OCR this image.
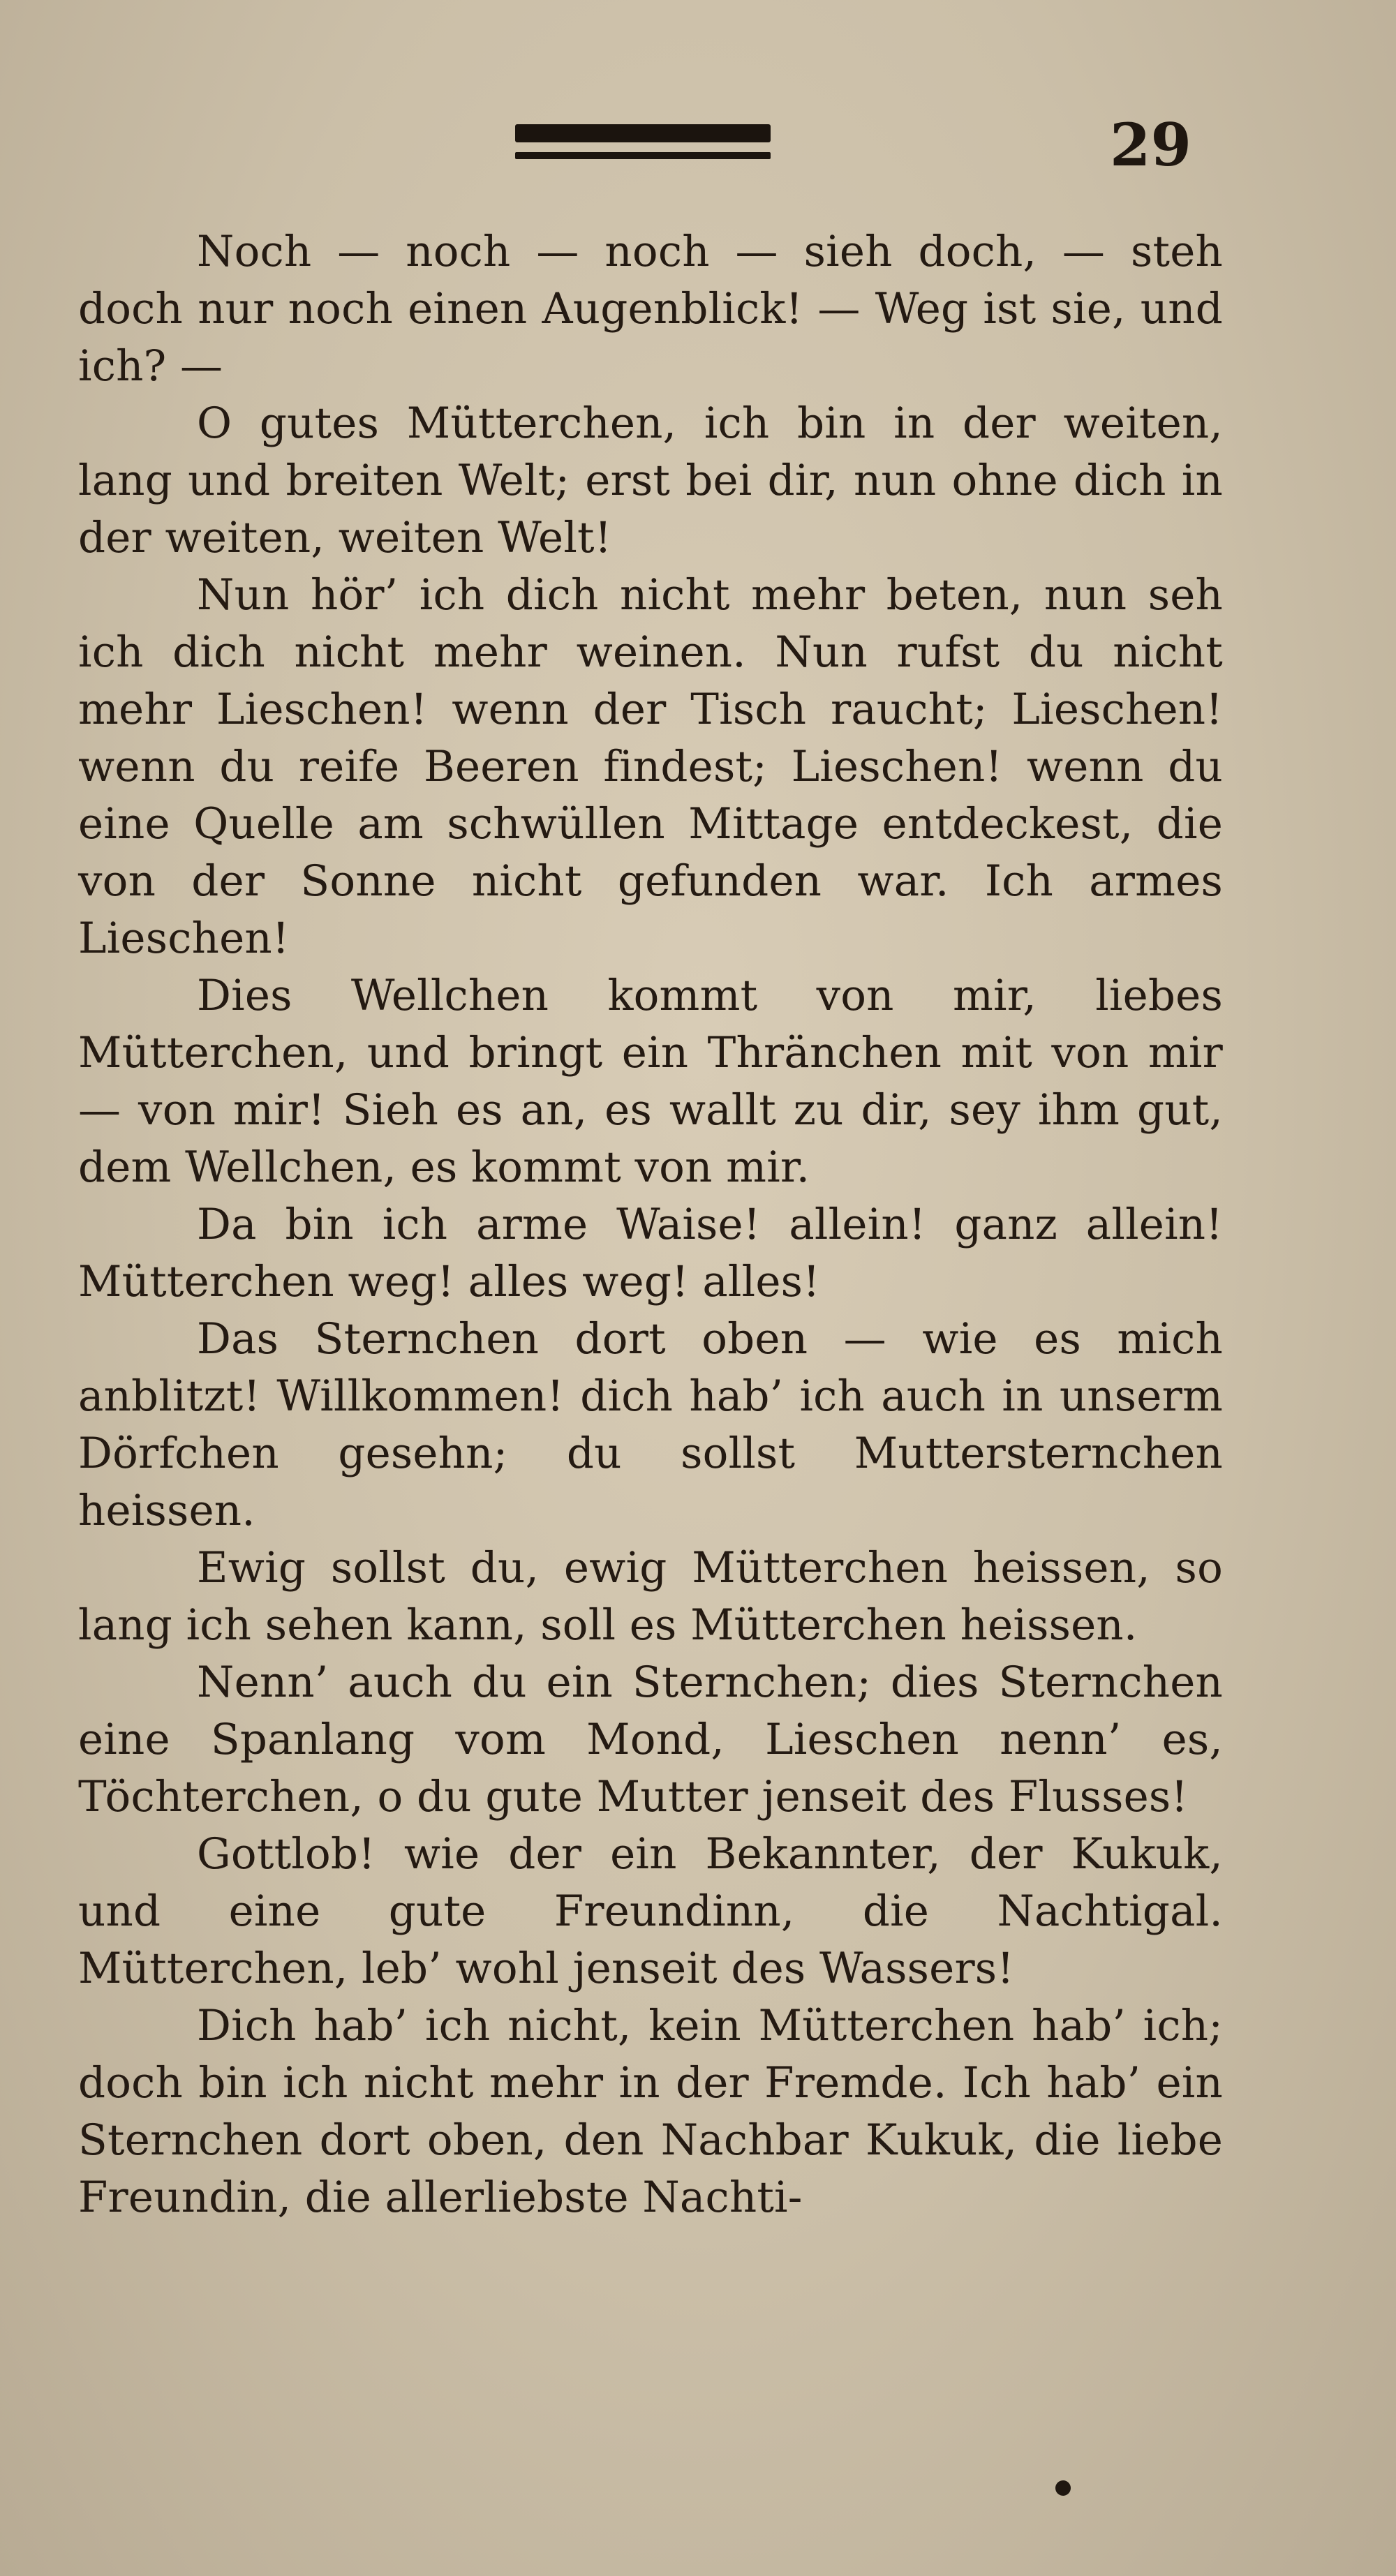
29

Noch — noch — noch — sieh doch, — steh doch nur noch einen Augenblick! — Weg ist sie, und ich? —

O gutes Mütterchen, ich bin in der weiten, lang und breiten Welt; erst bei dir, nun ohne dich in der weiten, weiten Welt!

Nun hör’ ich dich nicht mehr beten, nun seh ich dich nicht mehr weinen. Nun rufst du nicht mehr Lieschen! wenn der Tisch raucht; Lieschen! wenn du reife Beeren findest; Lieschen! wenn du eine Quelle am schwüllen Mittage entdeckest, die von der Sonne nicht gefunden war. Ich armes Lieschen!

Dies Wellchen kommt von mir, liebes Mütterchen, und bringt ein Thränchen mit von mir — von mir! Sieh es an, es wallt zu dir, sey ihm gut, dem Wellchen, es kommt von mir.

Da bin ich arme Waise! allein! ganz allein! Mütterchen weg! alles weg! alles!

Das Sternchen dort oben — wie es mich anblitzt! Willkommen! dich hab’ ich auch in unserm Dörfchen gesehn; du sollst Muttersternchen heissen.

Ewig sollst du, ewig Mütterchen heissen, so lang ich sehen kann, soll es Mütterchen heissen.

Nenn’ auch du ein Sternchen; dies Sternchen eine Spanlang vom Mond, Lieschen nenn’ es, Töchterchen, o du gute Mutter jenseit des Flusses!

Gottlob! wie der ein Bekannter, der Kukuk, und eine gute Freundinn, die Nachtigal. Mütterchen, leb’ wohl jenseit des Wassers!

Dich hab’ ich nicht, kein Mütterchen hab’ ich; doch bin ich nicht mehr in der Fremde. Ich hab’ ein Sternchen dort oben, den Nachbar Kukuk, die liebe Freundin, die allerliebste Nachti-
